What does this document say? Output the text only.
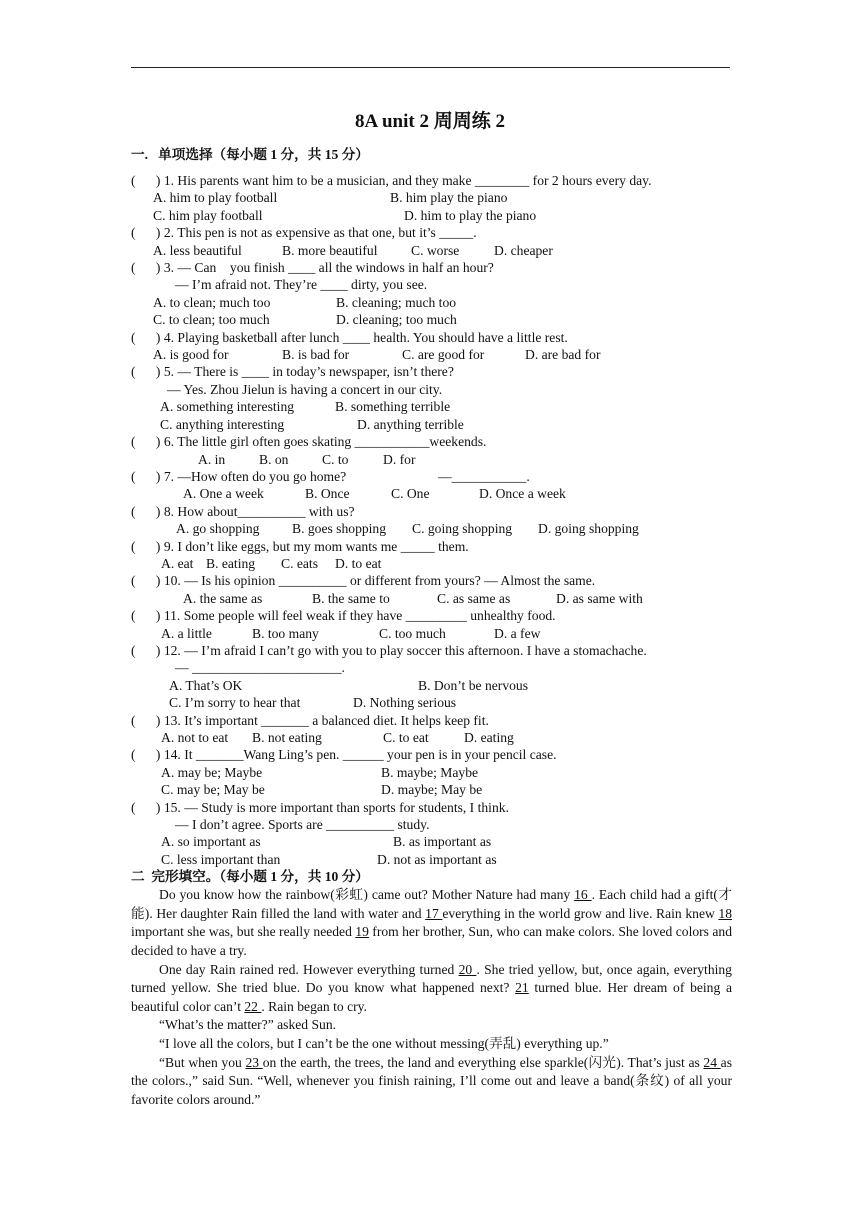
8A unit 2 周周练 2
一.   单项选择（每小题 1 分，共 15 分）
(      ) 1. His parents want him to be a musician, and they make ________ for 2 hours every day.
A. him to play football	B. him play the piano
C. him play football	D. him to play the piano
(      ) 2. This pen is not as expensive as that one, but it’s _____.
A. less beautiful	B. more beautiful	C. worse	D. cheaper
(      ) 3. — Can    you finish ____ all the windows in half an hour?
— I’m afraid not. They’re ____ dirty, you see.
A. to clean; much too	B. cleaning; much too
C. to clean; too much	D. cleaning; too much
(      ) 4. Playing basketball after lunch ____ health. You should have a little rest.
A. is good for	B. is bad for	C. are good for	D. are bad for
(      ) 5. — There is ____ in today’s newspaper, isn’t there?
— Yes. Zhou Jielun is having a concert in our city.
A. something interesting	B. something terrible
C. anything interesting	D. anything terrible
(      ) 6. The little girl often goes skating ___________weekends.
A. in	B. on	C. to	D. for
(      ) 7. —How often do you go home?	—___________.
A. One a week	B. Once	C. One	D. Once a week
(      ) 8. How about__________ with us?
A. go shopping	B. goes shopping	C. going shopping	D. going shopping
(      ) 9. I don’t like eggs, but my mom wants me _____ them.
A. eat B. eating	C. eats	D. to eat
(      ) 10. — Is his opinion __________ or different from yours? — Almost the same.
A. the same as	B. the same to	C. as same as	D. as same with
(      ) 11. Some people will feel weak if they have _________ unhealthy food.
A. a little	B. too many	C. too much	D. a few
(      ) 12. — I’m afraid I can’t go with you to play soccer this afternoon. I have a stomachache.
— ______________________.
A. That’s OK	B. Don’t be nervous
C. I’m sorry to hear that	D. Nothing serious
(      ) 13. It’s important _______ a balanced diet. It helps keep fit.
A. not to eat	B. not eating	C. to eat	D. eating
(      ) 14. It _______Wang Ling’s pen. ______ your pen is in your pencil case.
A. may be; Maybe	B. maybe; Maybe
C. may be; May be	D. maybe; May be
(      ) 15. — Study is more important than sports for students, I think.
— I don’t agree. Sports are __________ study.
A. so important as	B. as important as
C. less important than	D. not as important as
二  完形填空。（每小题 1 分，共 10 分）
Do you know how the rainbow(彩虹) came out? Mother Nature had many 16 . Each child had a gift(才能). Her daughter Rain filled the land with water and 17 everything in the world grow and live. Rain knew 18 important she was, but she really needed 19 from her brother, Sun, who can make colors. She loved colors and decided to have a try.
One day Rain rained red. However everything turned 20 . She tried yellow, but, once again, everything turned yellow. She tried blue. Do you know what happened next? 21 turned blue. Her dream of being a beautiful color can’t 22 . Rain began to cry.
“What’s the matter?” asked Sun.
“I love all the colors, but I can’t be the one without messing(弄乱) everything up.”
“But when you 23 on the earth, the trees, the land and everything else sparkle(闪光). That’s just as 24 as the colors.,” said Sun. “Well, whenever you finish raining, I’ll come out and leave a band(条纹) of all your favorite colors around.”
